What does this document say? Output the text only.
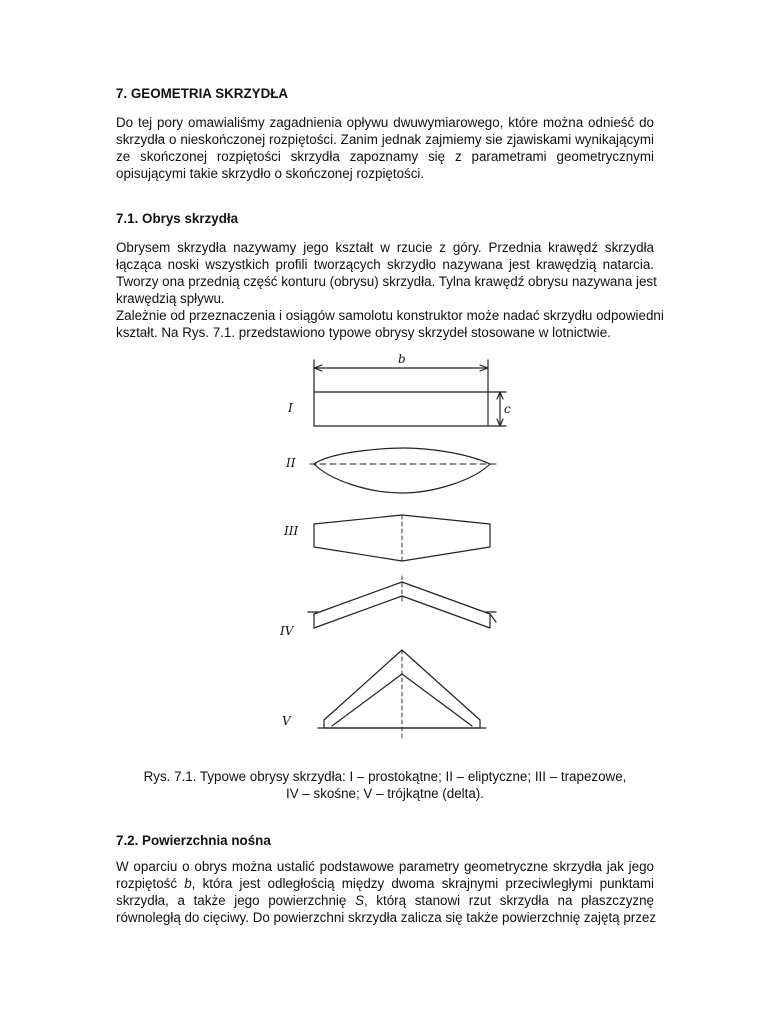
7. GEOMETRIA SKRZYDŁA
Do tej pory omawialiśmy zagadnienia opływu dwuwymiarowego, które można odnieść do
skrzydła o nieskończonej rozpiętości. Zanim jednak zajmiemy sie zjawiskami wynikającymi
ze skończonej rozpiętości skrzydła zapoznamy się z parametrami geometrycznymi
opisującymi takie skrzydło o skończonej rozpiętości.
7.1. Obrys skrzydła
Obrysem skrzydła nazywamy jego kształt w rzucie z góry. Przednia krawędź skrzydła
łącząca noski wszystkich profili tworzących skrzydło nazywana jest krawędzią natarcia.
Tworzy ona przednią część konturu (obrysu) skrzydła. Tylna krawędź obrysu nazywana jest
krawędzią spływu.
Zależnie od przeznaczenia i osiągów samolotu konstruktor może nadać skrzydłu odpowiedni
kształt. Na Rys. 7.1. przedstawiono typowe obrysy skrzydeł stosowane w lotnictwie.
b
c
I
II
III
IV
V
Rys. 7.1. Typowe obrysy skrzydła: I – prostokątne; II – eliptyczne; III – trapezowe,
IV – skośne; V – trójkątne (delta).
7.2. Powierzchnia nośna
W oparciu o obrys można ustalić podstawowe parametry geometryczne skrzydła jak jego
rozpiętość b, która jest odległością między dwoma skrajnymi przeciwległymi punktami
skrzydła, a także jego powierzchnię S, którą stanowi rzut skrzydła na płaszczyznę
równoległą do cięciwy. Do powierzchni skrzydła zalicza się także powierzchnię zajętą przez
